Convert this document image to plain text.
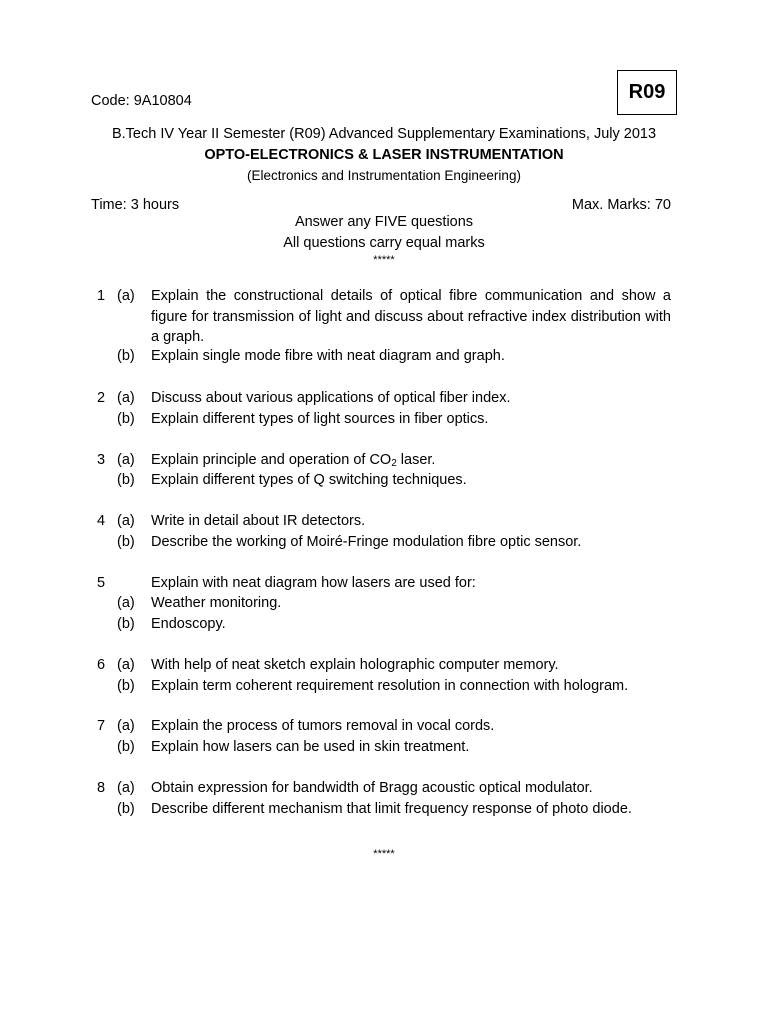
Code: 9A10804	R09
B.Tech IV Year II Semester (R09) Advanced Supplementary Examinations, July 2013
OPTO-ELECTRONICS & LASER INSTRUMENTATION
(Electronics and Instrumentation Engineering)
Time: 3 hours	Max. Marks: 70
Answer any FIVE questions
All questions carry equal marks
*****
1 (a) Explain the constructional details of optical fibre communication and show a figure for transmission of light and discuss about refractive index distribution with a graph.
(b) Explain single mode fibre with neat diagram and graph.
2 (a) Discuss about various applications of optical fiber index.
(b) Explain different types of light sources in fiber optics.
3 (a) Explain principle and operation of $CO_2$ laser.
(b) Explain different types of Q switching techniques.
4 (a) Write in detail about IR detectors.
(b) Describe the working of Moiré-Fringe modulation fibre optic sensor.
5	Explain with neat diagram how lasers are used for:
(a) Weather monitoring.
(b) Endoscopy.
6 (a) With help of neat sketch explain holographic computer memory.
(b) Explain term coherent requirement resolution in connection with hologram.
7 (a) Explain the process of tumors removal in vocal cords.
(b) Explain how lasers can be used in skin treatment.
8 (a) Obtain expression for bandwidth of Bragg acoustic optical modulator.
(b) Describe different mechanism that limit frequency response of photo diode.
*****
